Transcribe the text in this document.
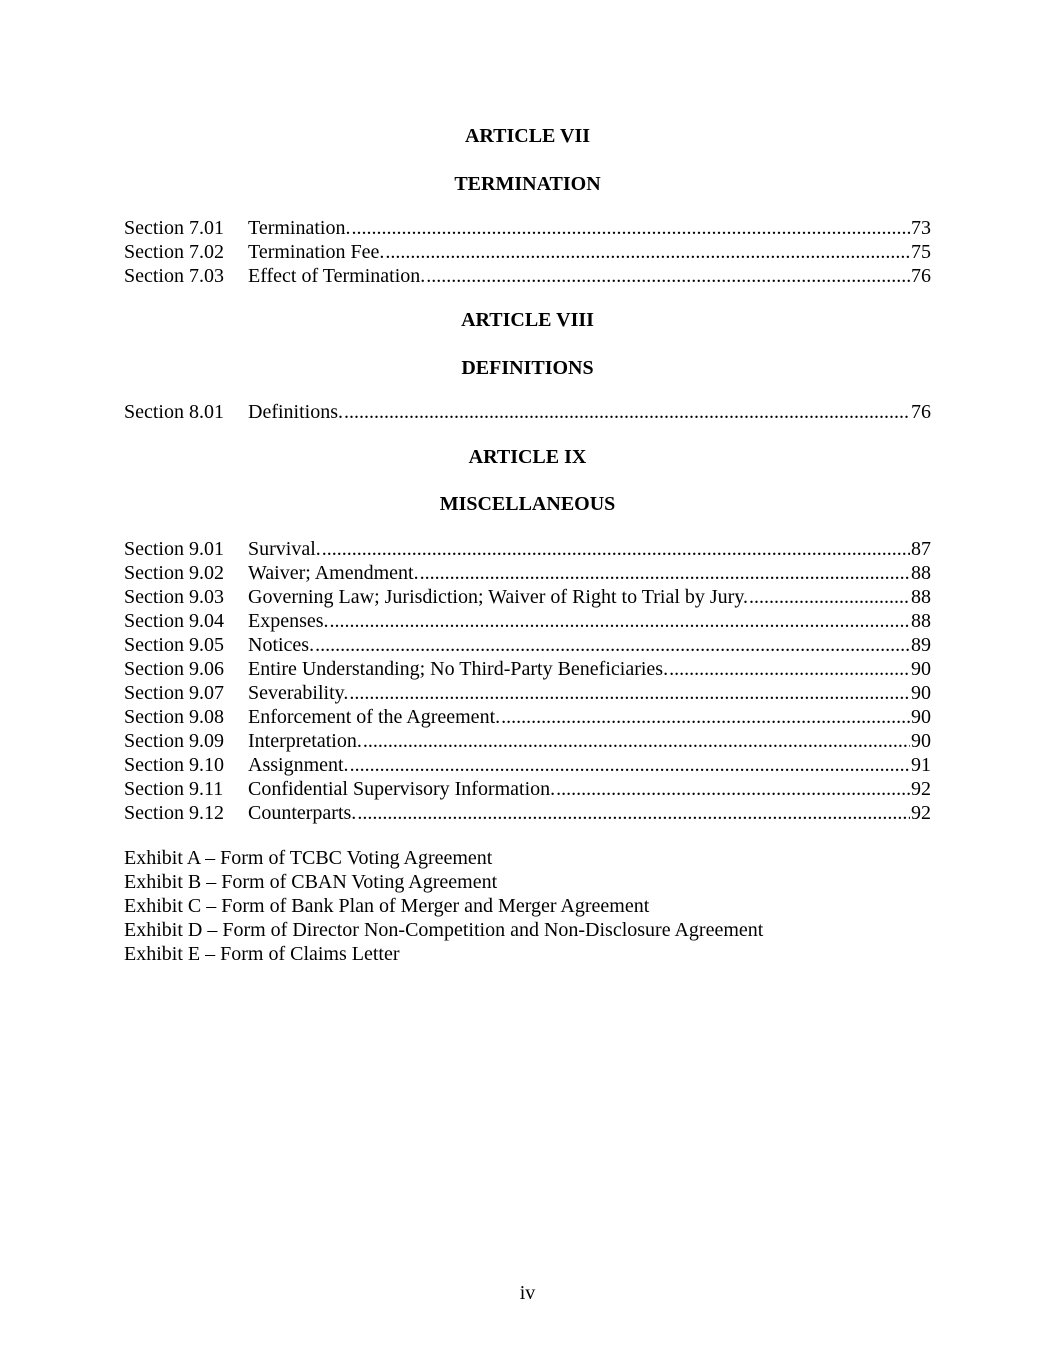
ARTICLE VII
TERMINATION
Section 7.01	Termination. .....	73
Section 7.02	Termination Fee. .....	75
Section 7.03	Effect of Termination. .....	76
ARTICLE VIII
DEFINITIONS
Section 8.01	Definitions. .....	76
ARTICLE IX
MISCELLANEOUS
Section 9.01	Survival. .....	87
Section 9.02	Waiver; Amendment. .....	88
Section 9.03	Governing Law; Jurisdiction; Waiver of Right to Trial by Jury. .....	88
Section 9.04	Expenses. .....	88
Section 9.05	Notices. .....	89
Section 9.06	Entire Understanding; No Third-Party Beneficiaries. .....	90
Section 9.07	Severability. .....	90
Section 9.08	Enforcement of the Agreement. .....	90
Section 9.09	Interpretation. .....	90
Section 9.10	Assignment. .....	91
Section 9.11	Confidential Supervisory Information. .....	92
Section 9.12	Counterparts. .....	92
Exhibit A – Form of TCBC Voting Agreement
Exhibit B – Form of CBAN Voting Agreement
Exhibit C – Form of Bank Plan of Merger and Merger Agreement
Exhibit D – Form of Director Non-Competition and Non-Disclosure Agreement
Exhibit E – Form of Claims Letter
iv
